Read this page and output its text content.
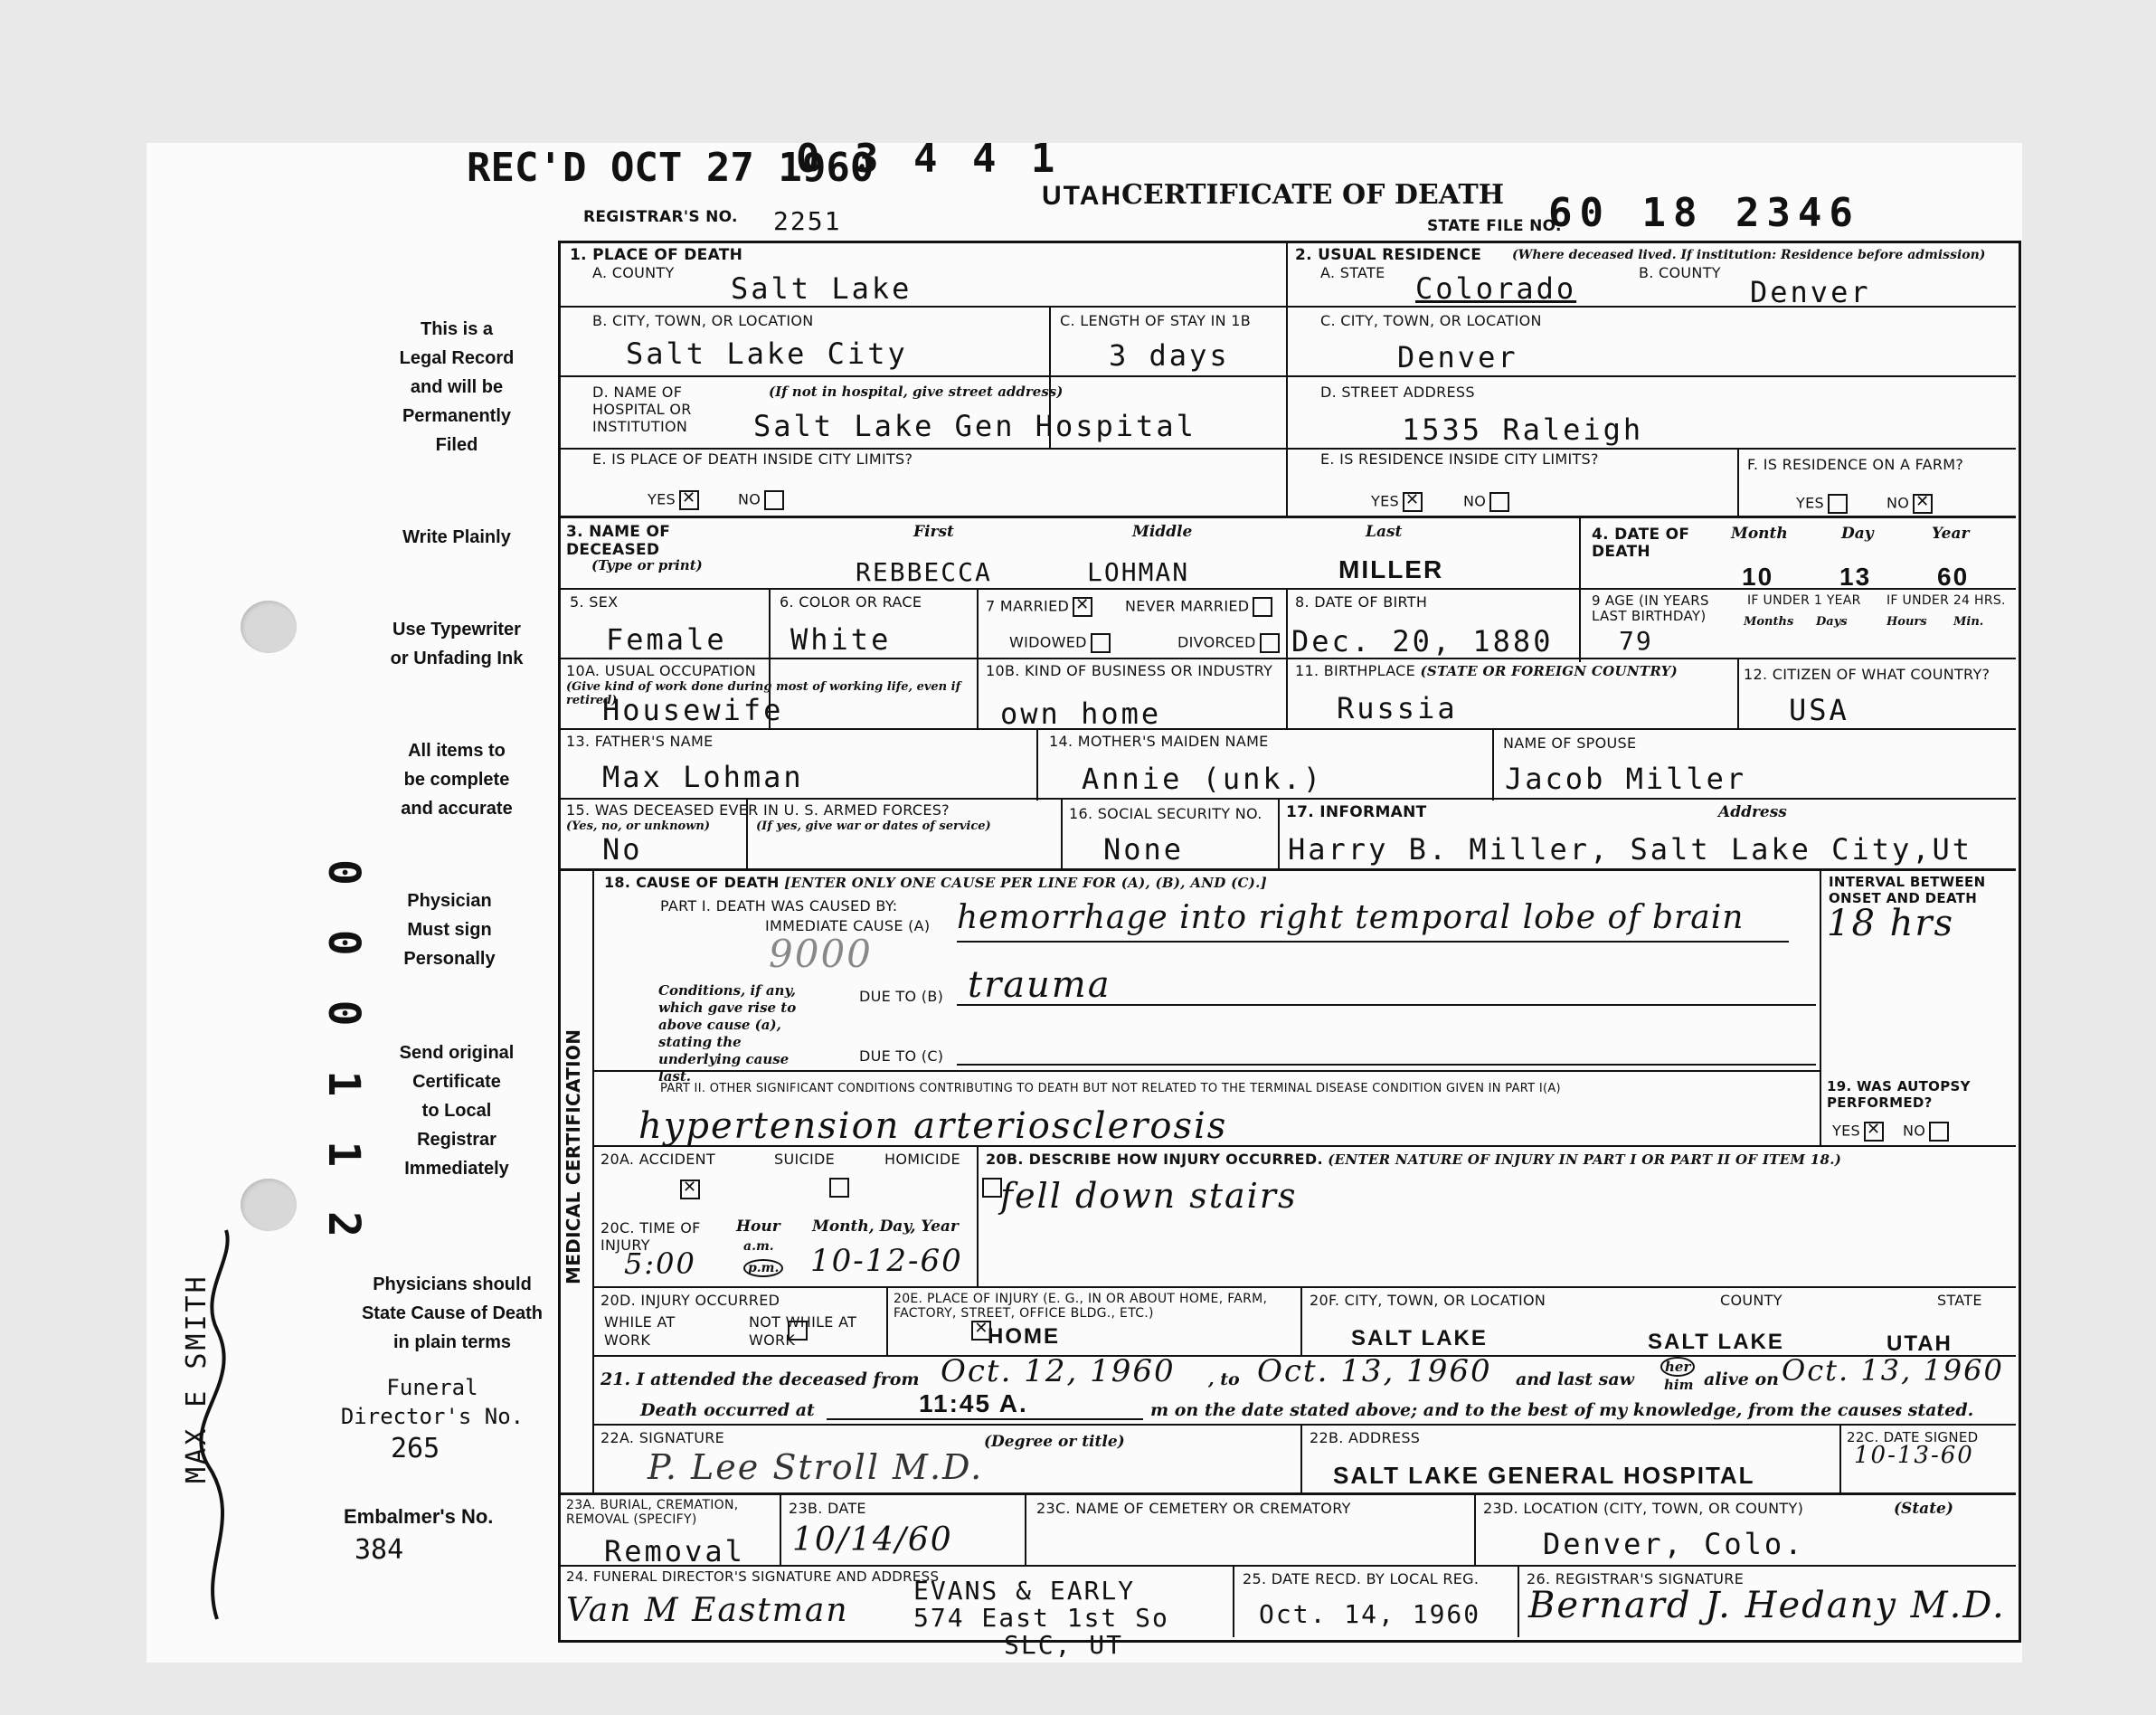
REC'D OCT 27 1960
0 3 4 4 1
REGISTRAR'S NO. 2251
UTAH
CERTIFICATE OF DEATH
STATE FILE NO.
60 18 2346
This is a
Legal Record
and will be
Permanently
Filed
Write Plainly
Use Typewriter
or Unfading Ink
All items to
be complete
and accurate
Physician
Must sign
Personally
Send original
Certificate
to Local
Registrar
Immediately
Physicians should
State Cause of Death
in plain terms
Funeral
Director's No.
265
Embalmer's No.
384
MAX E SMITH
0 0 0 1 1 2
1. PLACE OF DEATH
A. COUNTY Salt Lake
2. USUAL RESIDENCE (Where deceased lived. If institution: Residence before admission)
A. STATE Colorado	B. COUNTY
Denver
B. CITY, TOWN, OR LOCATION
Salt Lake City
C. LENGTH OF STAY IN 1B
3 days
C. CITY, TOWN, OR LOCATION
Denver
D. NAME OF HOSPITAL OR INSTITUTION
(If not in hospital, give street address)
Salt Lake Gen Hospital
D. STREET ADDRESS
1535 Raleigh
E. IS PLACE OF DEATH INSIDE CITY LIMITS?
YES ✕	NO
E. IS RESIDENCE INSIDE CITY LIMITS?
YES ✕	NO
F. IS RESIDENCE ON A FARM?
YES	NO✕
3. NAME OF DECEASED
(Type or print)
First	Middle	Last
REBBECCA	LOHMAN	MILLER
4. DATE OF DEATH
Month	Day	Year
10	13	60
5. SEX
Female
6. COLOR OR RACE
White
7 MARRIED ✕	NEVER MARRIED
WIDOWED	DIVORCED
8. DATE OF BIRTH
Dec. 20, 1880
9 AGE (IN YEARS LAST BIRTHDAY)
79
IF UNDER 1 YEAR IF UNDER 24 HRS.
Months Days	Hours Min.
10A. USUAL OCCUPATION
(Give kind of work done during most of working life, even if retired)
Housewife
10B. KIND OF BUSINESS OR INDUSTRY
own home
11. BIRTHPLACE (STATE OR FOREIGN COUNTRY)
Russia
12. CITIZEN OF WHAT COUNTRY?
USA
13. FATHER'S NAME
Max Lohman
14. MOTHER'S MAIDEN NAME
Annie (unk.)
NAME OF SPOUSE
Jacob Miller
15. WAS DECEASED EVER IN U. S. ARMED FORCES?
(Yes, no, or unknown)	(If yes, give war or dates of service)
No
16. SOCIAL SECURITY NO.
None
17. INFORMANT	Address
Harry B. Miller, Salt Lake City,Ut
MEDICAL CERTIFICATION
18. CAUSE OF DEATH [ENTER ONLY ONE CAUSE PER LINE FOR (A), (B), AND (C).]
PART I. DEATH WAS CAUSED BY:
IMMEDIATE CAUSE (A) hemorrhage into right temporal lobe of brain
INTERVAL BETWEEN ONSET AND DEATH
18 hrs
9000
Conditions, if any, which gave rise to above cause (a), stating the underlying cause last.
DUE TO (B) trauma
DUE TO (C)
PART II. OTHER SIGNIFICANT CONDITIONS CONTRIBUTING TO DEATH BUT NOT RELATED TO THE TERMINAL DISEASE CONDITION GIVEN IN PART I(A)
hypertension arteriosclerosis
19. WAS AUTOPSY PERFORMED?
YES ✕	NO
20A. ACCIDENT	SUICIDE	HOMICIDE
✕ 20B. DESCRIBE HOW INJURY OCCURRED. (ENTER NATURE OF INJURY IN PART I OR PART II OF ITEM 18.)
fell down stairs
20C. TIME OF INJURY
Hour Month, Day, Year
a.m.
p.m.
5:00	10-12-60
20D. INJURY OCCURRED
WHILE AT WORK

NOT WHILE AT WORK
✕
20E. PLACE OF INJURY (E. G., IN OR ABOUT HOME, FARM, FACTORY, STREET, OFFICE BLDG., ETC.)
HOME
20F. CITY, TOWN, OR LOCATION	COUNTY	STATE
SALT LAKE	SALT LAKE	UTAH
21. I attended the deceased from Oct. 12, 1960 , to Oct. 13, 1960 and last saw
her
him alive on Oct. 13, 1960
Death occurred at	11:45 A.	m on the date stated above; and to the best of my knowledge, from the causes stated.
22A. SIGNATURE	(Degree or title)
P. Lee Stroll M.D.
22B. ADDRESS
SALT LAKE GENERAL HOSPITAL
22C. DATE SIGNED
10-13-60
23A. BURIAL, CREMATION, REMOVAL (SPECIFY)
Removal
23B. DATE
10/14/60
23C. NAME OF CEMETERY OR CREMATORY	23D. LOCATION (CITY, TOWN, OR COUNTY)	(State)
Denver, Colo.
24. FUNERAL DIRECTOR'S SIGNATURE AND ADDRESS
Van M Eastman
EVANS & EARLY
574 East 1st So
SLC, UT
25. DATE RECD. BY LOCAL REG.
Oct. 14, 1960
26. REGISTRAR'S SIGNATURE
Bernard J. Hedany M.D.
